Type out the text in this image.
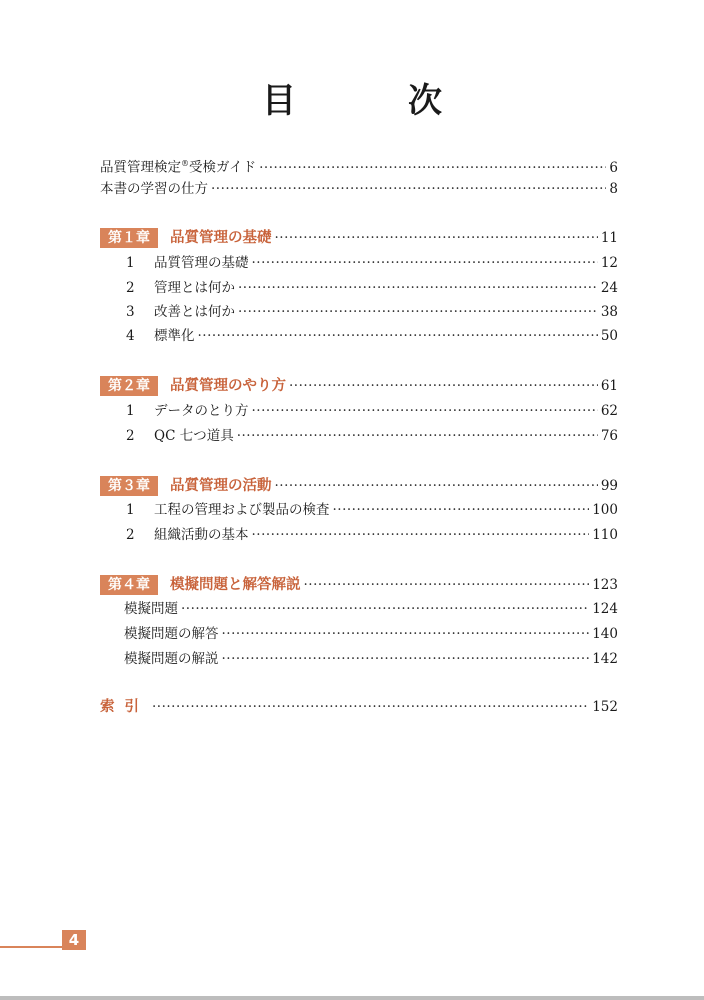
目	次
品質管理検定®受検ガイド ·····	6
本書の学習の仕方 ·····	8
第１章	品質管理の基礎 ·····	11
1	品質管理の基礎 ·····	12
2	管理とは何か ·····	24
3	改善とは何か ·····	38
4	標準化 ·····	50
第２章	品質管理のやり方 ·····	61
1	データのとり方 ·····	62
2	QC 七つ道具 ·····	76
第３章	品質管理の活動 ·····	99
1	工程の管理および製品の検査 ·····	100
2	組織活動の基本 ·····	110
第４章	模擬問題と解答解説 ·····	123
模擬問題 ·····	124
模擬問題の解答 ·····	140
模擬問題の解説 ·····	142
索引 ·····	152
4
